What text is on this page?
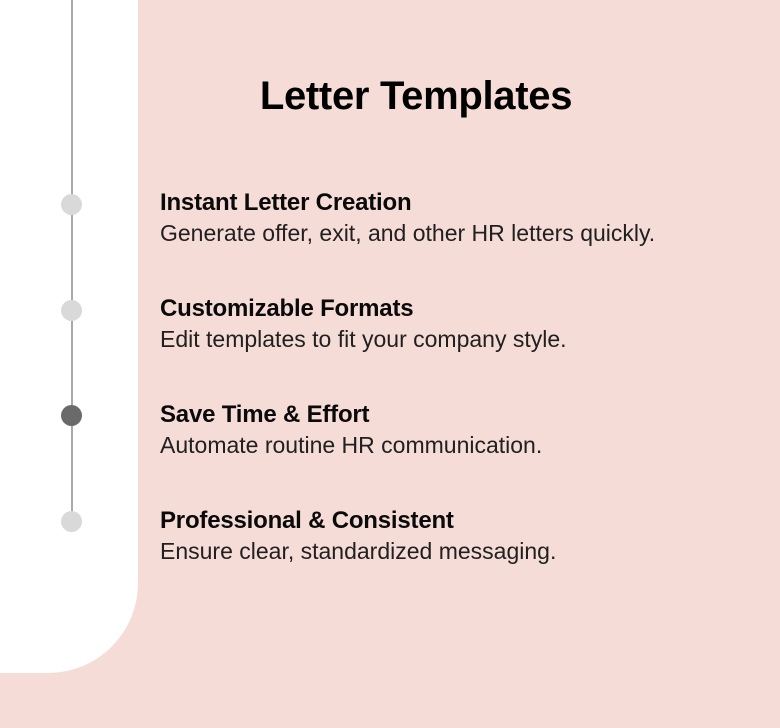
Letter Templates
Instant Letter Creation

Generate offer, exit, and other HR letters quickly.

Customizable Formats

Edit templates to fit your company style.

Save Time & Effort

Automate routine HR communication.

Professional & Consistent

Ensure clear, standardized messaging.
